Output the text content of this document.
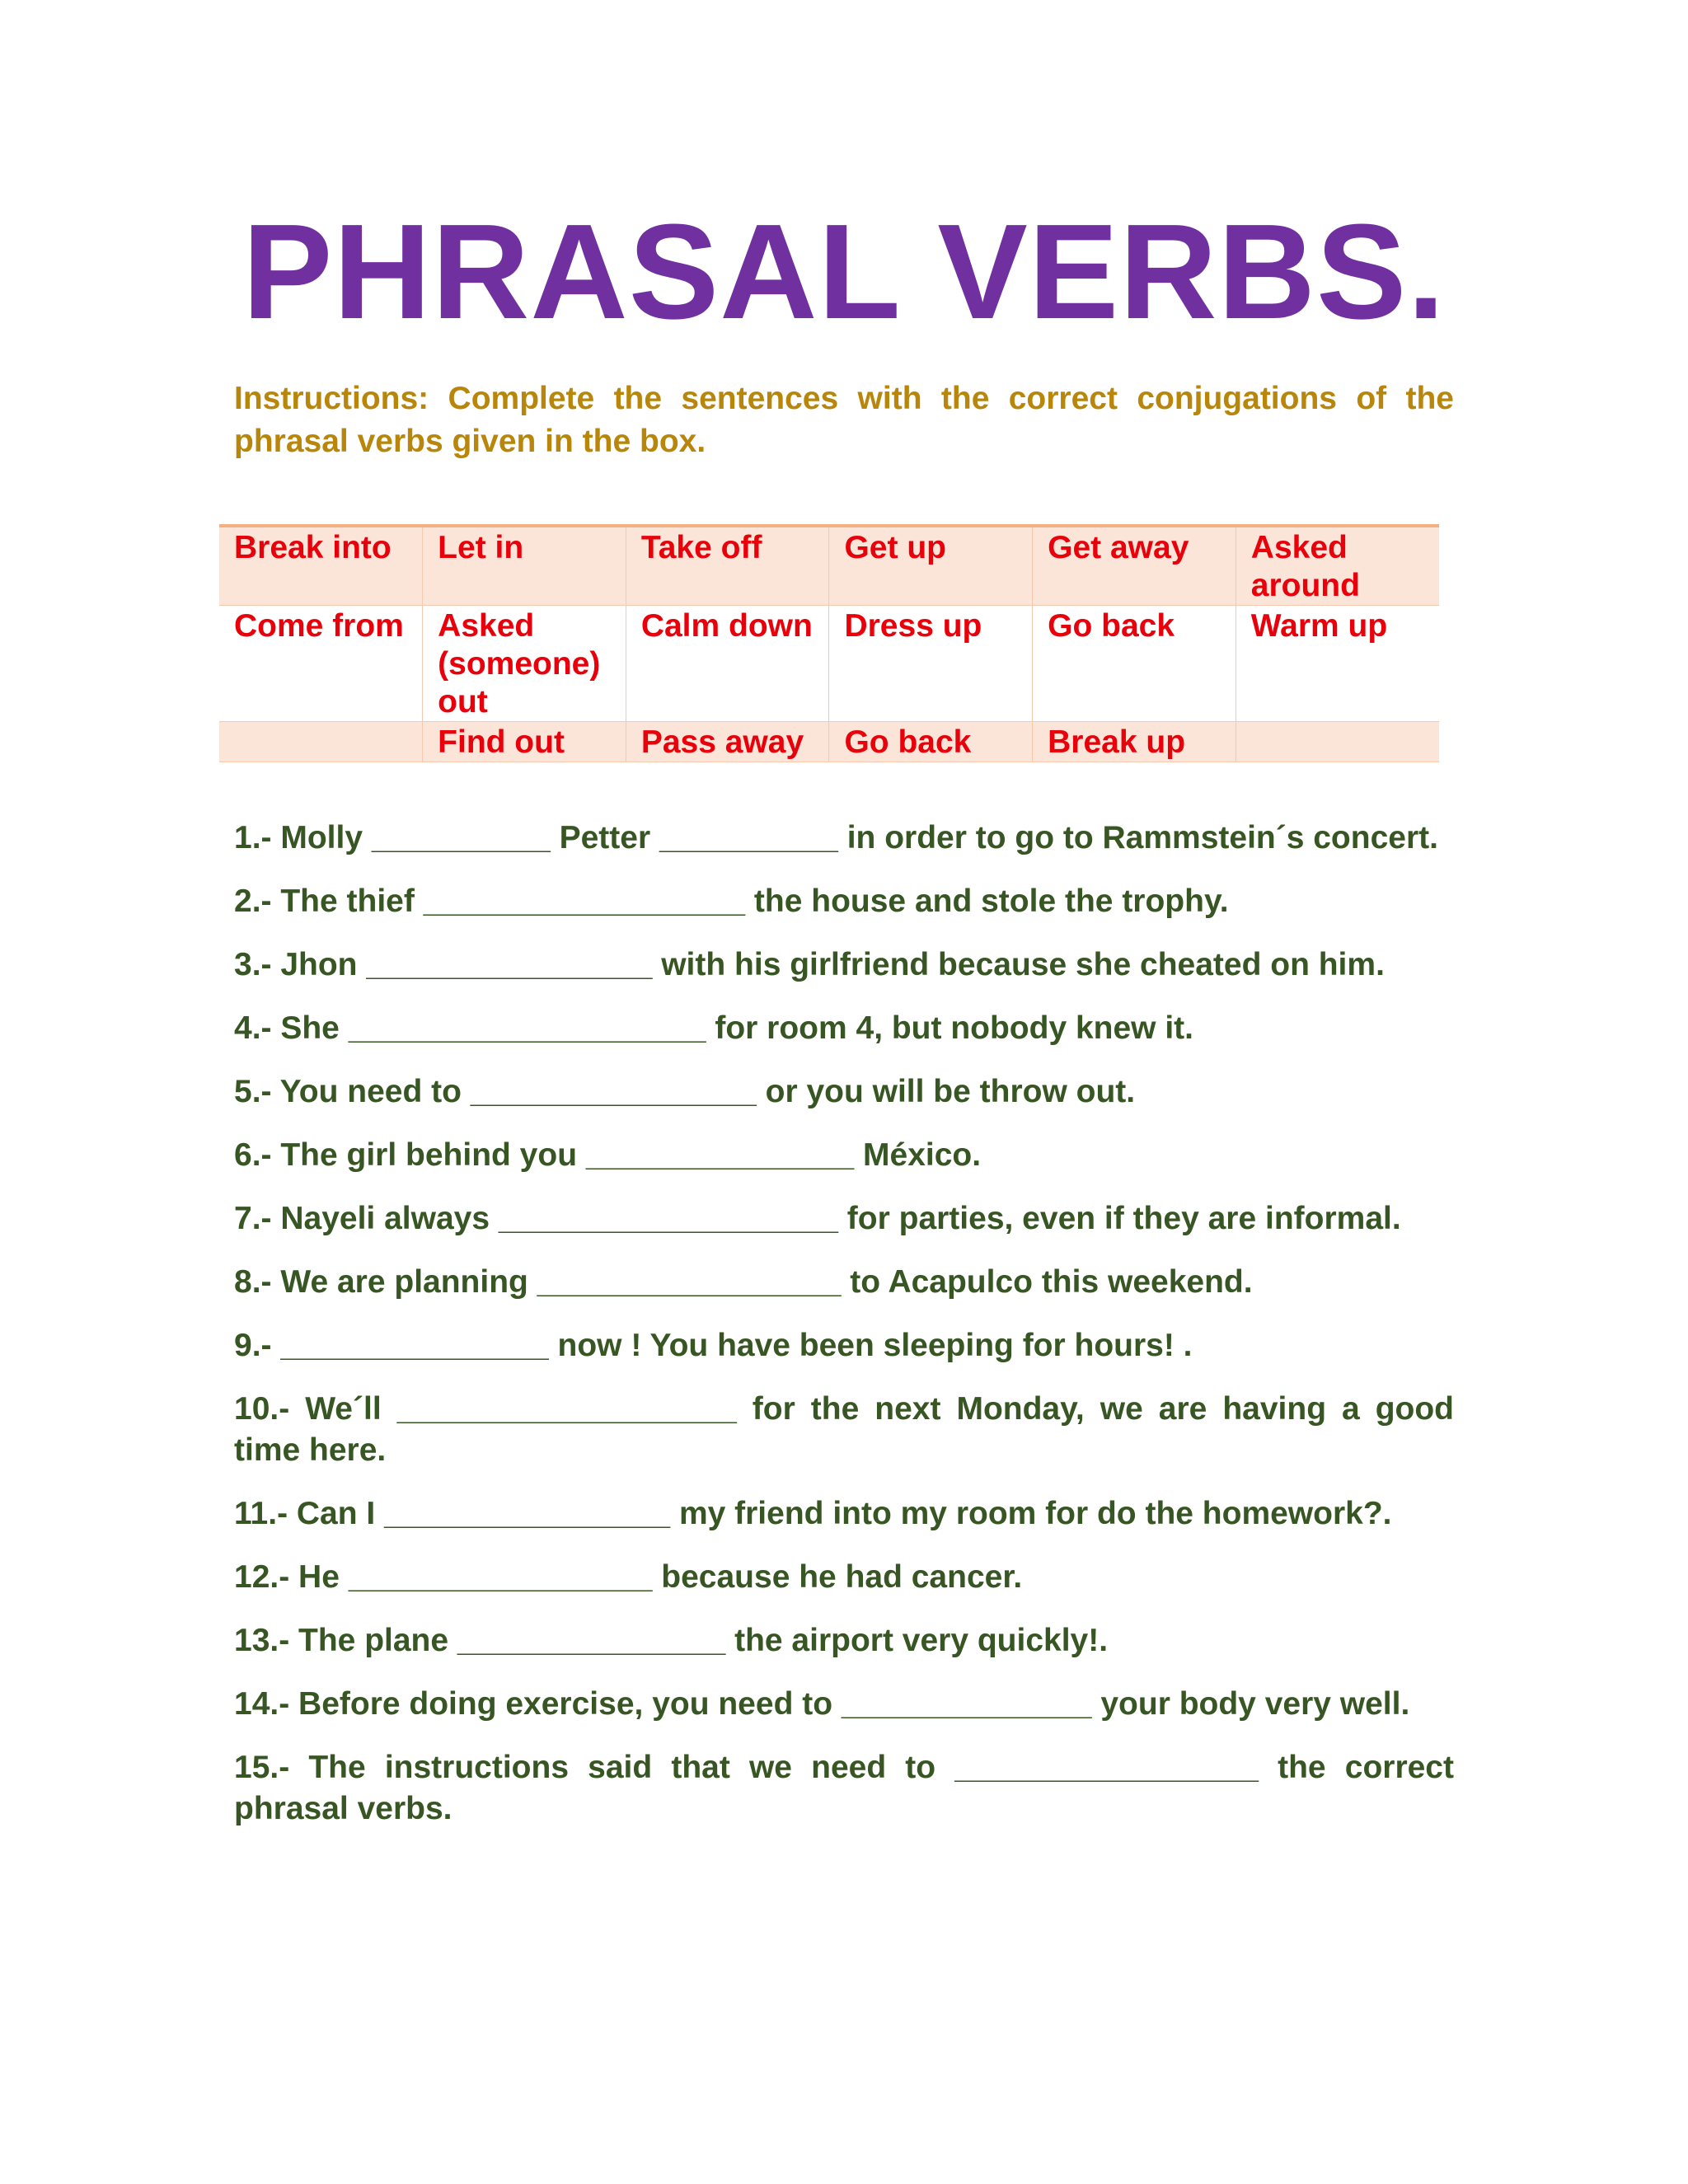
PHRASAL VERBS.

Instructions: Complete the sentences with the correct conjugations of the phrasal verbs given in the box.

Break into	Let in	Take off	Get up	Get away	Asked around
Come from	Asked (someone) out	Calm down	Dress up	Go back	Warm up
	Find out	Pass away	Go back	Break up	
1.- Molly __________ Petter __________ in order to go to Rammstein´s concert.
2.- The thief __________________ the house and stole the trophy.
3.- Jhon ________________ with his girlfriend because she cheated on him.
4.- She ____________________ for room 4, but nobody knew it.
5.- You need to ________________ or you will be throw out.
6.- The girl behind you _______________ México.
7.- Nayeli always ___________________ for parties, even if they are informal.
8.- We are planning _________________ to Acapulco this weekend.
9.- _______________ now ! You have been sleeping for hours! .
10.- We´ll ___________________ for the next Monday, we are having a good time here.
11.- Can I ________________ my friend into my room for do the homework?.
12.- He _________________ because he had cancer.
13.- The plane _______________ the airport very quickly!.
14.- Before doing exercise, you need to ______________ your body very well.
15.- The instructions said that we need to _________________ the correct phrasal verbs.
